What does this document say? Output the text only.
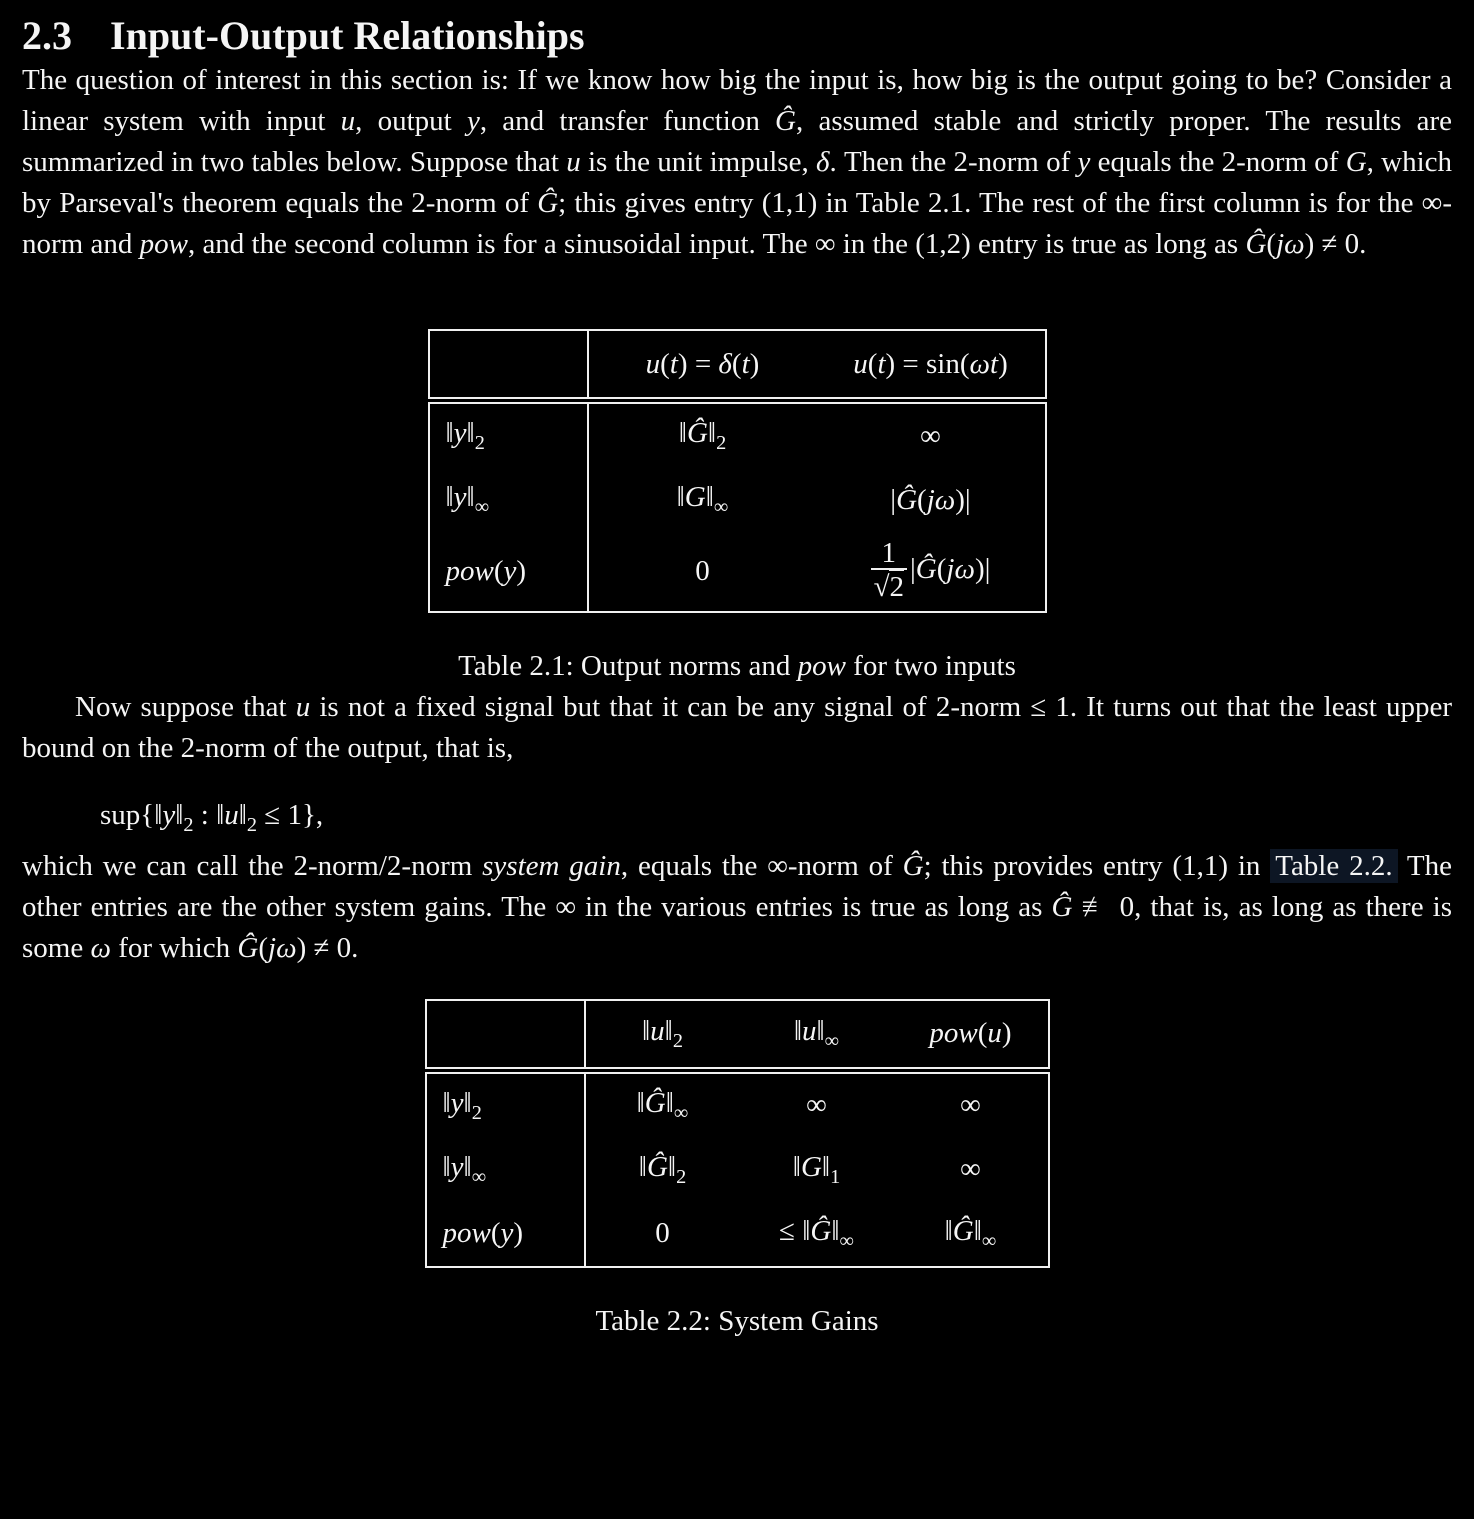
2.3 Input-Output Relationships

The question of interest in this section is: If we know how big the input is, how big is the output going to be? Consider a linear system with input u, output y, and transfer function Ĝ, assumed stable and strictly proper. The results are summarized in two tables below. Suppose that u is the unit impulse, δ. Then the 2-norm of y equals the 2-norm of G, which by Parseval's theorem equals the 2-norm of Ĝ; this gives entry (1,1) in Table 2.1. The rest of the first column is for the ∞-norm and pow, and the second column is for a sinusoidal input. The ∞ in the (1,2) entry is true as long as Ĝ(jω) ≠ 0.

	u(t) = δ(t)	u(t) = sin(ωt)
$‖y‖_2$	$‖Ĝ‖_2$	∞
$‖y‖_\infty$	$‖G‖_\infty$	|Ĝ(jω)|
pow(y)	0	$\frac{1}{√2}$ |Ĝ(jω)|
Table 2.1: Output norms and pow for two inputs

Now suppose that u is not a fixed signal but that it can be any signal of 2-norm ≤ 1. It turns out that the least upper bound on the 2-norm of the output, that is,

$sup\{‖y‖_2$ : $‖u‖_2 \le 1$},

which we can call the 2-norm/2-norm system gain, equals the ∞-norm of Ĝ; this provides entry (1,1) in Table 2.2. The other entries are the other system gains. The ∞ in the various entries is true as long as Ĝ ≢ 0, that is, as long as there is some ω for which Ĝ(jω) ≠ 0.

	$‖u‖_2$	$‖u‖_\infty$	pow(u)
$‖y‖_2$	$‖Ĝ‖_\infty$	∞	∞
$‖y‖_\infty$	$‖Ĝ‖_2$	$‖G‖_1$	∞
pow(y)	0	≤ $‖Ĝ‖_\infty$	$‖Ĝ‖_\infty$
Table 2.2: System Gains
